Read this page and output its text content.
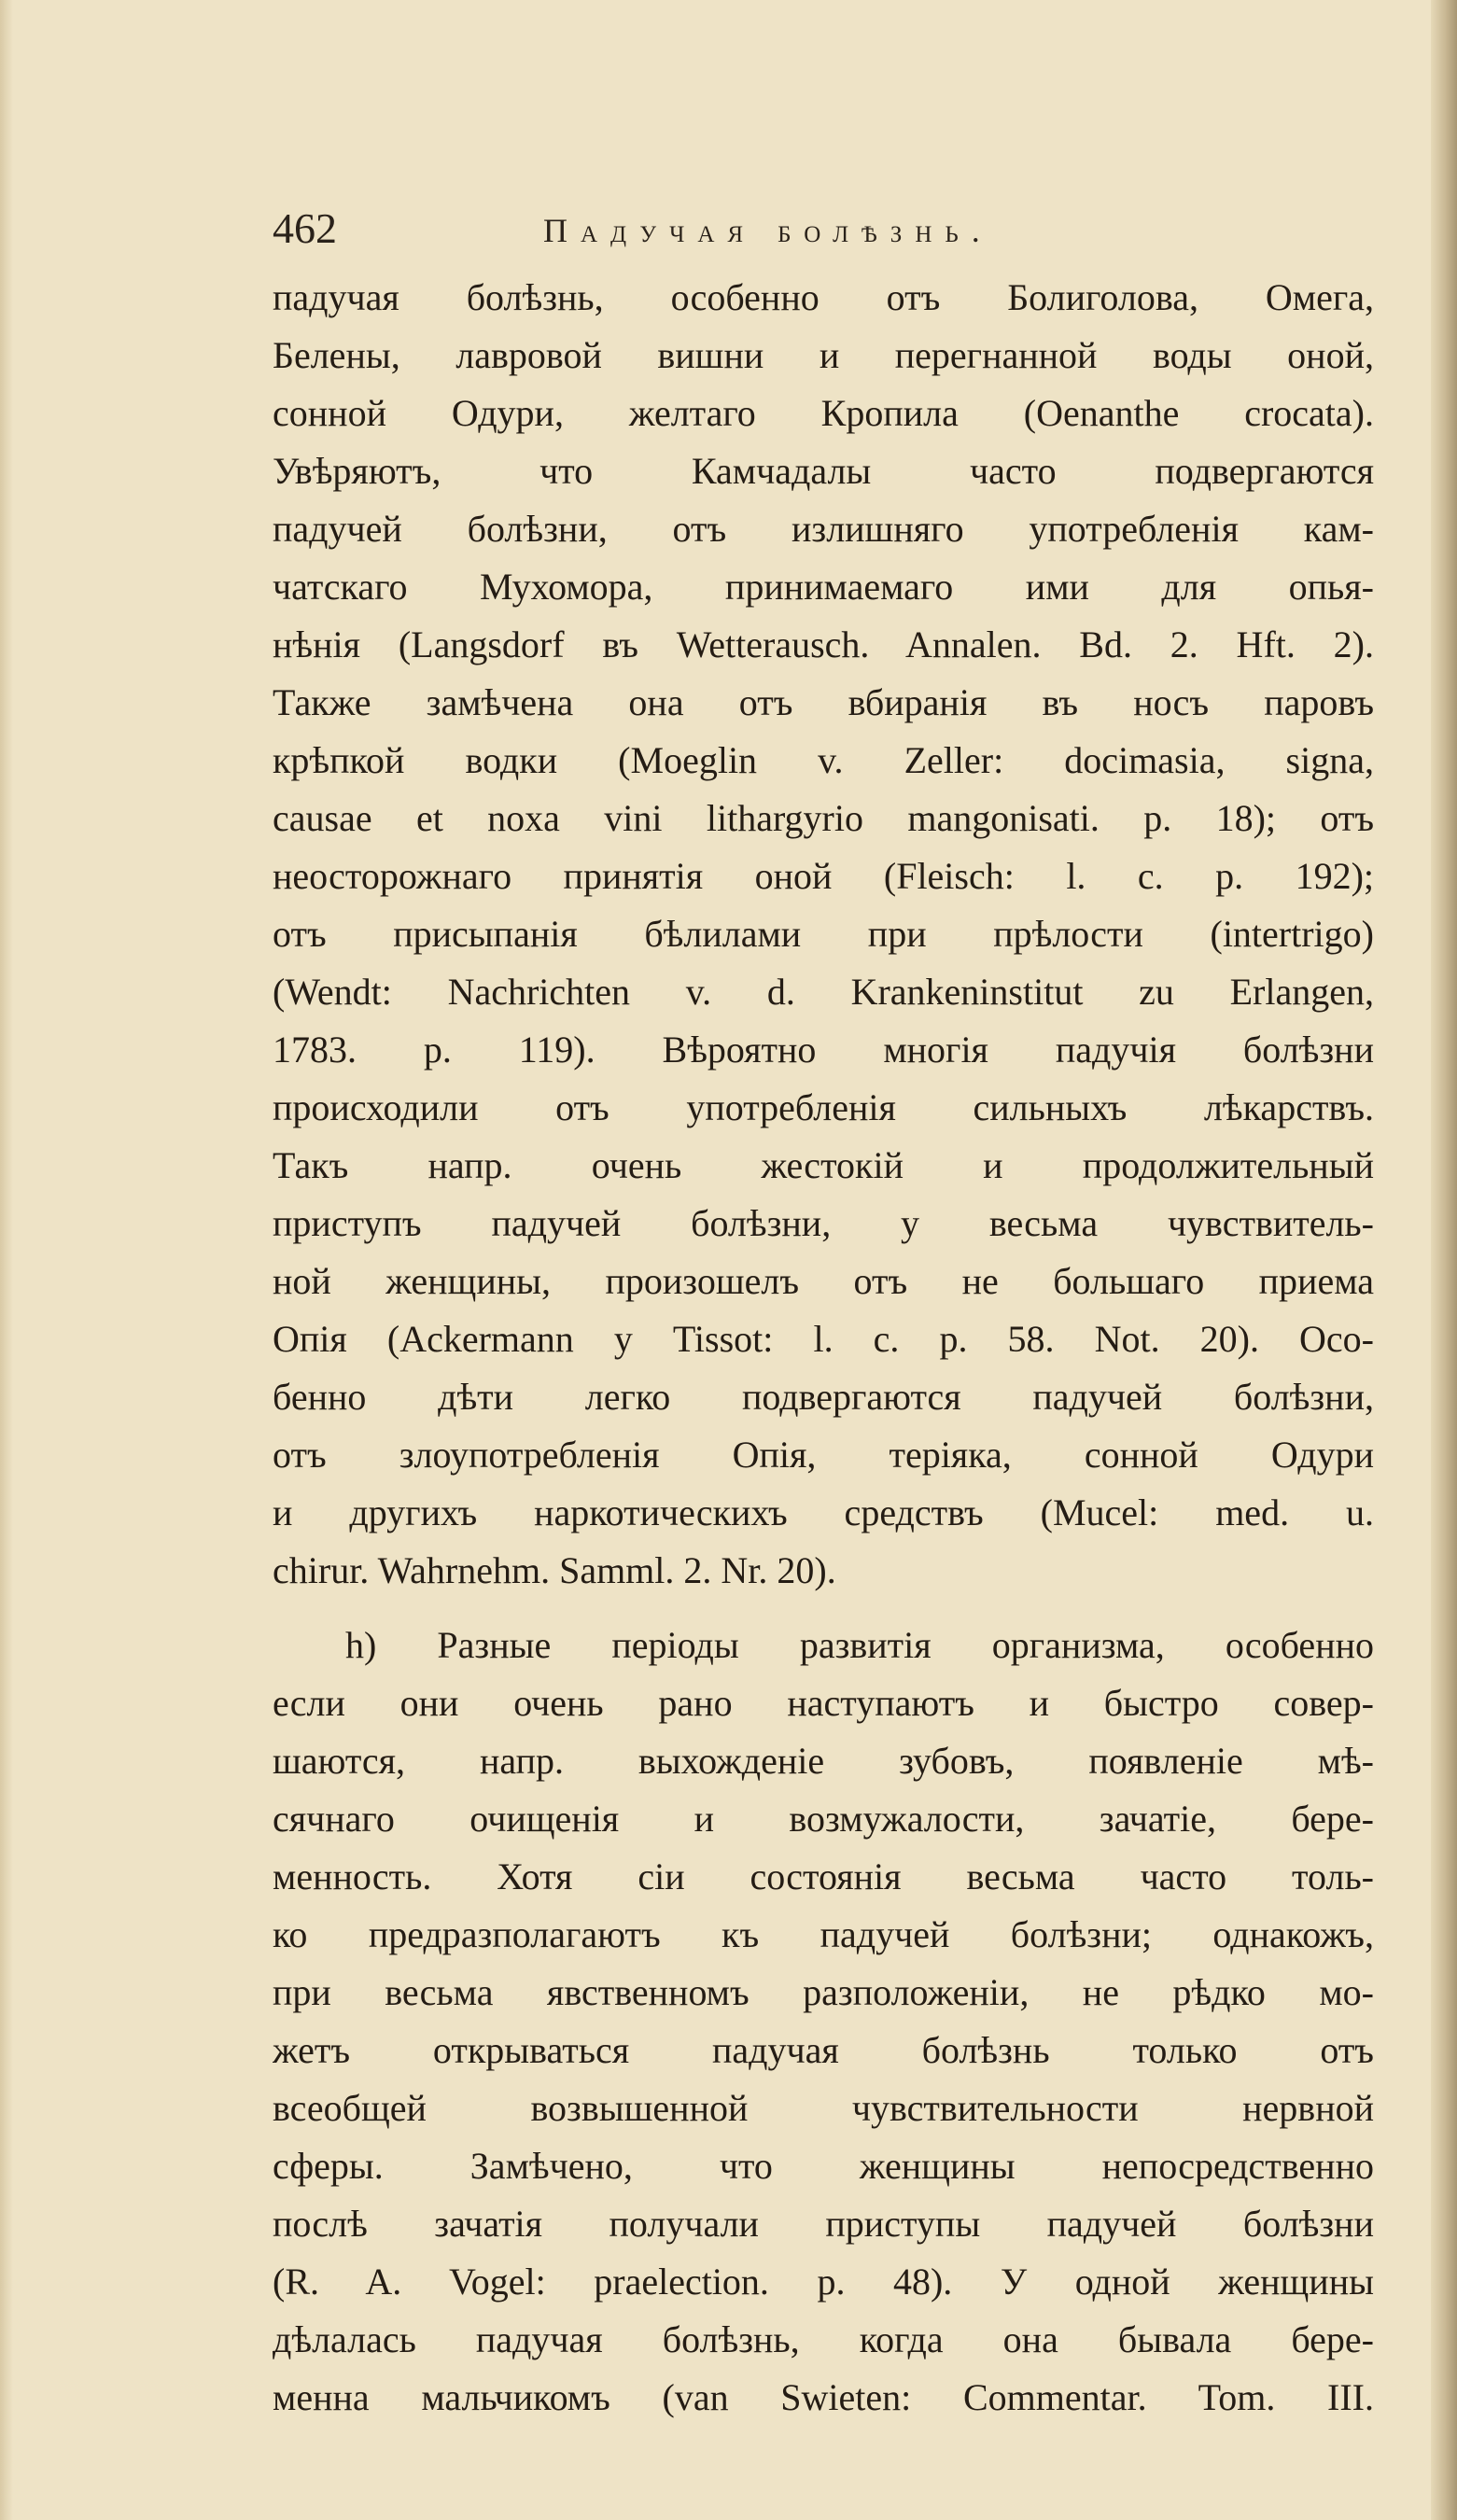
462	Падучая болѣзнь.
падучая болѣзнь, особенно отъ Болиголова, Омега,
Белены, лавровой вишни и перегнанной воды оной,
сонной Одури, желтаго Кропила (Oenanthe crocata).
Увѣряютъ, что Камчадалы часто подвергаются
падучей болѣзни, отъ излишняго употребленія кам-
чатскаго Мухомора, принимаемаго ими для опья-
нѣнія (Langsdorf въ Wetterausch. Annalen. Bd. 2. Hft. 2).
Также замѣчена она отъ вбиранія въ носъ паровъ
крѣпкой водки (Moeglin v. Zeller: docimasia, signa,
causae et noxa vini lithargyrio mangonisati. p. 18); отъ
неосторожнаго принятія оной (Fleisch: l. c. p. 192);
отъ присыпанія бѣлилами при прѣлости (intertrigo)
(Wendt: Nachrichten v. d. Krankeninstitut zu Erlangen,
1783. p. 119). Вѣроятно многія падучія болѣзни
происходили отъ употребленія сильныхъ лѣкарствъ.
Такъ напр. очень жестокій и продолжительный
приступъ падучей болѣзни, у весьма чувствитель-
ной женщины, произошелъ отъ не большаго приема
Опія (Ackermann у Tissot: l. c. p. 58. Not. 20). Осо-
бенно дѣти легко подвергаются падучей болѣзни,
отъ злоупотребленія Опія, теріяка, сонной Одури
и другихъ наркотическихъ средствъ (Mucel: med. u.
chirur. Wahrnehm. Samml. 2. Nr. 20).
h) Разные періоды развитія организма, особенно
если они очень рано наступаютъ и быстро совер-
шаются, напр. выхожденіе зубовъ, появленіе мѣ-
сячнаго очищенія и возмужалости, зачатіе, бере-
менность. Хотя сіи состоянія весьма часто толь-
ко предразполагаютъ къ падучей болѣзни; однакожъ,
при весьма явственномъ разположеніи, не рѣдко мо-
жетъ открываться падучая болѣзнь только отъ
всеобщей возвышенной чувствительности нервной
сферы. Замѣчено, что женщины непосредственно
послѣ зачатія получали приступы падучей болѣзни
(R. A. Vogel: praelection. p. 48). У одной женщины
дѣлалась падучая болѣзнь, когда она бывала бере-
менна мальчикомъ (van Swieten: Commentar. Tom. III.
